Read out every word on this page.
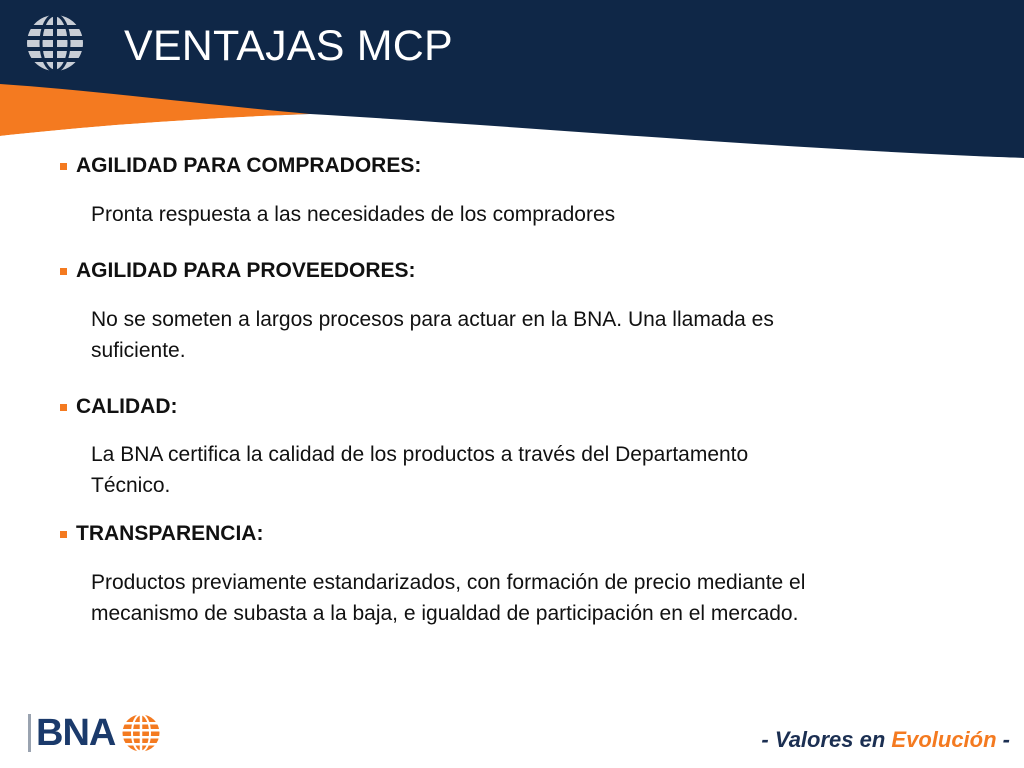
VENTAJAS MCP
AGILIDAD PARA COMPRADORES:
Pronta respuesta a las necesidades de los compradores
AGILIDAD PARA PROVEEDORES:
No se someten a largos procesos para actuar en la BNA. Una llamada es
suficiente.
CALIDAD:
La BNA certifica la calidad de los productos a través del Departamento
Técnico.
TRANSPARENCIA:
Productos previamente estandarizados, con formación de precio mediante el
mecanismo de subasta a la baja, e igualdad de participación en el mercado.
BNA	- Valores en Evolución -
